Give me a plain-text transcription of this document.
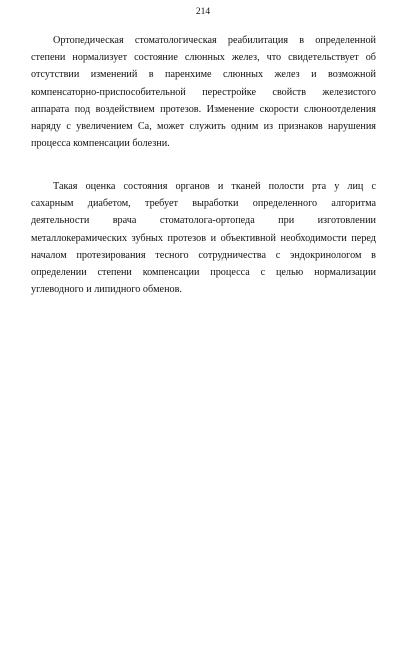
214
Ортопедическая стоматологическая реабилитация в определенной
степени нормализует состояние слюнных желез, что свидетельствует об
отсутствии изменений в паренхиме слюнных желез и возможной
компенсаторно-приспособительной перестройке свойств железистого
аппарата под воздействием протезов. Изменение скорости слюноотделения
наряду с увеличением Са, может служить одним из признаков нарушения
процесса компенсации болезни.
Такая оценка состояния органов и тканей полости рта у лиц с
сахарным диабетом, требует выработки определенного алгоритма
деятельности врача стоматолога-ортопеда при изготовлении
металлокерамических зубных протезов и объективной необходимости перед
началом протезирования тесного сотрудничества с эндокринологом в
определении степени компенсации процесса с целью нормализации
углеводного и липидного обменов.
